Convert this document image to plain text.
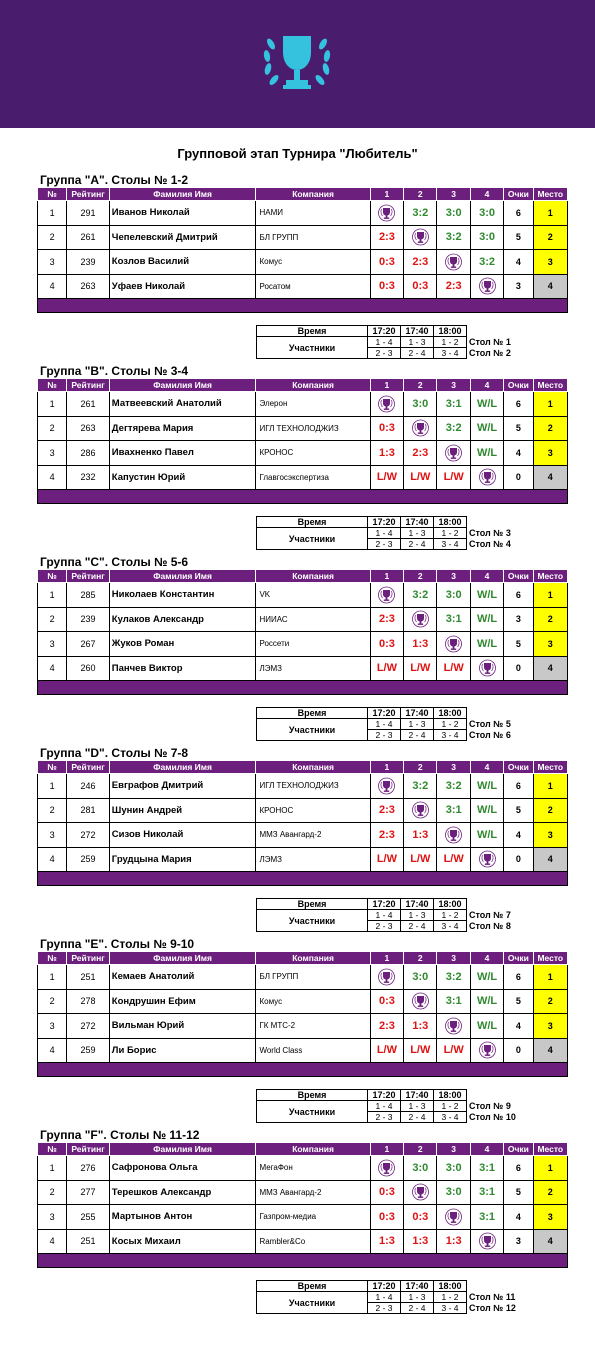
Групповой этап Турнира "Любитель"
Группа "A". Столы № 1-2
№	Рейтинг	Фамилия Имя	Компания	1	2	3	4	Очки	Место
1	291	Иванов Николай	НАМИ		3:2	3:0	3:0	6	1
2	261	Чепелевский Дмитрий	БЛ ГРУПП	2:3		3:2	3:0	5	2
3	239	Козлов Василий	Комус	0:3	2:3		3:2	4	3
4	263	Уфаев Николай	Росатом	0:3	0:3	2:3		3	4

Время	17:20	17:40	18:00	
Участники	1 - 4	1 - 3	1 - 2	Стол № 1
	2 - 3	2 - 4	3 - 4	Стол № 2
Группа "B". Столы № 3-4
№	Рейтинг	Фамилия Имя	Компания	1	2	3	4	Очки	Место
1	261	Матвеевский Анатолий	Элерон		3:0	3:1	W/L	6	1
2	263	Дегтярева Мария	ИГЛ ТЕХНОЛОДЖИЗ	0:3		3:2	W/L	5	2
3	286	Ивахненко Павел	КРОНОС	1:3	2:3		W/L	4	3
4	232	Капустин Юрий	Главгосэкспертиза	L/W	L/W	L/W		0	4

Время	17:20	17:40	18:00	
Участники	1 - 4	1 - 3	1 - 2	Стол № 3
	2 - 3	2 - 4	3 - 4	Стол № 4
Группа "C". Столы № 5-6
№	Рейтинг	Фамилия Имя	Компания	1	2	3	4	Очки	Место
1	285	Николаев Константин	VK		3:2	3:0	W/L	6	1
2	239	Кулаков Александр	НИИАС	2:3		3:1	W/L	3	2
3	267	Жуков Роман	Россети	0:3	1:3		W/L	5	3
4	260	Панчев Виктор	ЛЭМЗ	L/W	L/W	L/W		0	4

Время	17:20	17:40	18:00	
Участники	1 - 4	1 - 3	1 - 2	Стол № 5
	2 - 3	2 - 4	3 - 4	Стол № 6
Группа "D". Столы № 7-8
№	Рейтинг	Фамилия Имя	Компания	1	2	3	4	Очки	Место
1	246	Евграфов Дмитрий	ИГЛ ТЕХНОЛОДЖИЗ		3:2	3:2	W/L	6	1
2	281	Шунин Андрей	КРОНОС	2:3		3:1	W/L	5	2
3	272	Сизов Николай	ММЗ Авангард-2	2:3	1:3		W/L	4	3
4	259	Грудцына Мария	ЛЭМЗ	L/W	L/W	L/W		0	4

Время	17:20	17:40	18:00	
Участники	1 - 4	1 - 3	1 - 2	Стол № 7
	2 - 3	2 - 4	3 - 4	Стол № 8
Группа "E". Столы № 9-10
№	Рейтинг	Фамилия Имя	Компания	1	2	3	4	Очки	Место
1	251	Кемаев Анатолий	БЛ ГРУПП		3:0	3:2	W/L	6	1
2	278	Кондрушин Ефим	Комус	0:3		3:1	W/L	5	2
3	272	Вильман Юрий	ГК МТС-2	2:3	1:3		W/L	4	3
4	259	Ли Борис	World Class	L/W	L/W	L/W		0	4

Время	17:20	17:40	18:00	
Участники	1 - 4	1 - 3	1 - 2	Стол № 9
	2 - 3	2 - 4	3 - 4	Стол № 10
Группа "F". Столы № 11-12
№	Рейтинг	Фамилия Имя	Компания	1	2	3	4	Очки	Место
1	276	Сафронова Ольга	МегаФон		3:0	3:0	3:1	6	1
2	277	Терешков Александр	ММЗ Авангард-2	0:3		3:0	3:1	5	2
3	255	Мартынов Антон	Газпром-медиа	0:3	0:3		3:1	4	3
4	251	Косых Михаил	Rambler&Co	1:3	1:3	1:3		3	4

Время	17:20	17:40	18:00	
Участники	1 - 4	1 - 3	1 - 2	Стол № 11
	2 - 3	2 - 4	3 - 4	Стол № 12
